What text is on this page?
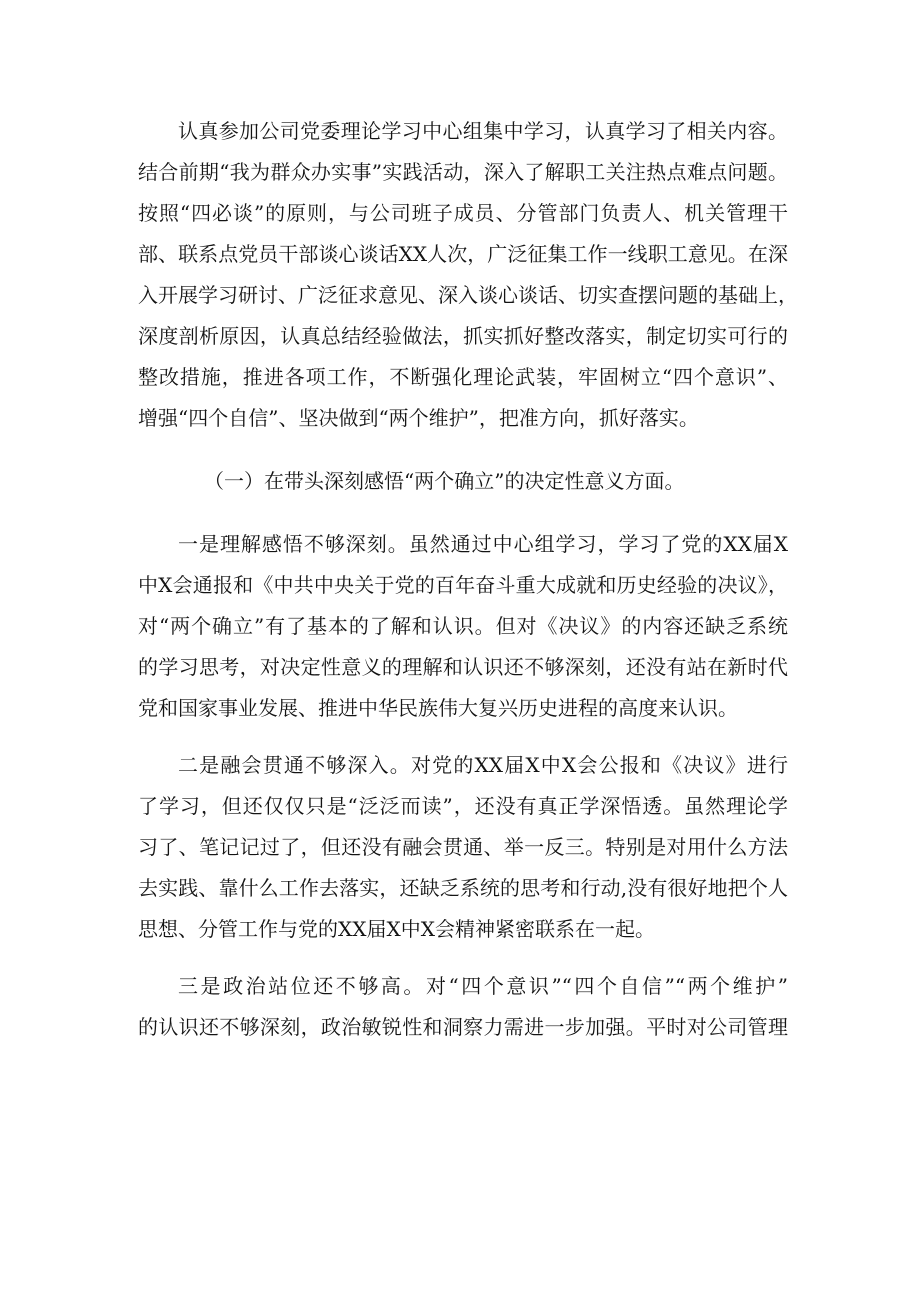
认真参加公司党委理论学习中心组集中学习，认真学习了相关内容。
结合前期“我为群众办实事”实践活动，深入了解职工关注热点难点问题。
按照“四必谈”的原则，与公司班子成员、分管部门负责人、机关管理干
部、联系点党员干部谈心谈话XX人次，广泛征集工作一线职工意见。在深
入开展学习研讨、广泛征求意见、深入谈心谈话、切实查摆问题的基础上，
深度剖析原因，认真总结经验做法，抓实抓好整改落实，制定切实可行的
整改措施，推进各项工作，不断强化理论武装，牢固树立“四个意识”、
增强“四个自信”、坚决做到“两个维护”，把准方向，抓好落实。
（一）在带头深刻感悟“两个确立”的决定性意义方面。
一是理解感悟不够深刻。虽然通过中心组学习，学习了党的XX届X
中X会通报和《中共中央关于党的百年奋斗重大成就和历史经验的决议》，
对“两个确立”有了基本的了解和认识。但对《决议》的内容还缺乏系统
的学习思考，对决定性意义的理解和认识还不够深刻，还没有站在新时代
党和国家事业发展、推进中华民族伟大复兴历史进程的高度来认识。
二是融会贯通不够深入。对党的XX届X中X会公报和《决议》进行
了学习，但还仅仅只是“泛泛而读”，还没有真正学深悟透。虽然理论学
习了、笔记记过了，但还没有融会贯通、举一反三。特别是对用什么方法
去实践、靠什么工作去落实，还缺乏系统的思考和行动,没有很好地把个人
思想、分管工作与党的XX届X中X会精神紧密联系在一起。
三是政治站位还不够高。对“四个意识”“四个自信”“两个维护”
的认识还不够深刻，政治敏锐性和洞察力需进一步加强。平时对公司管理
